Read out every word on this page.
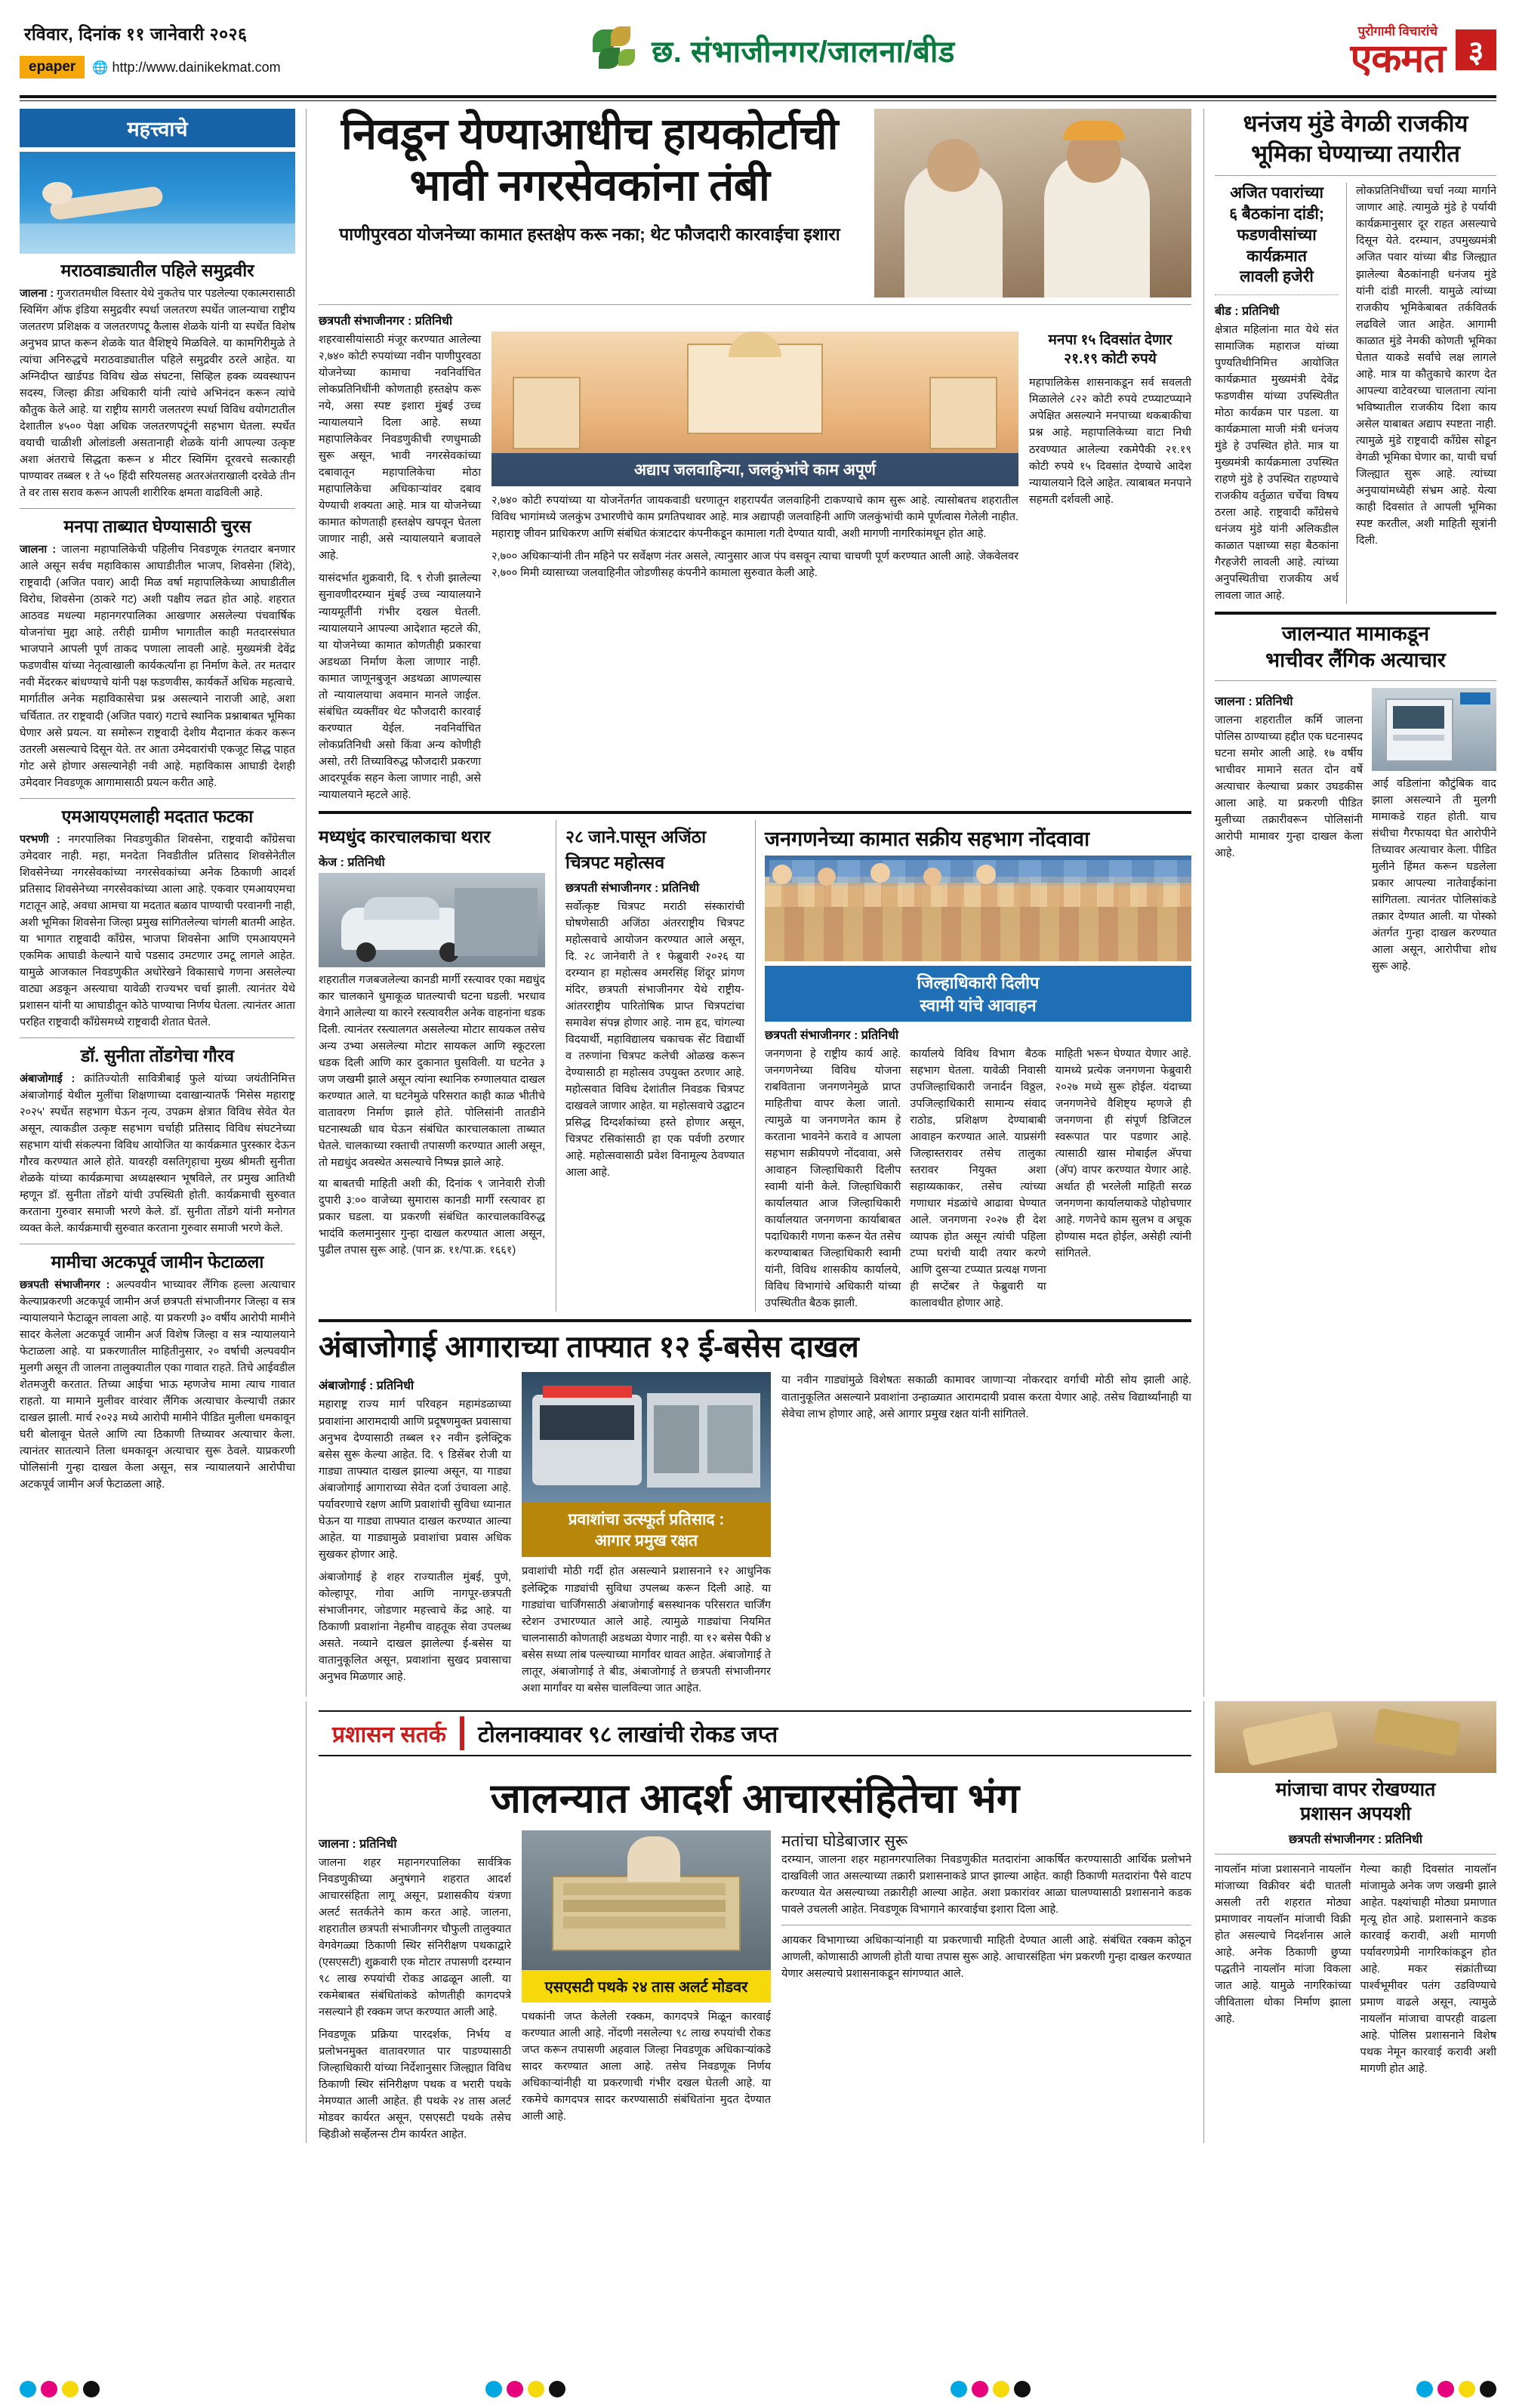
रविवार, दिनांक ११ जानेवारी २०२६
epaper	🌐 http://www.dainikekmat.com	छ. संभाजीनगर/जालना/बीड
पुरोगामी विचारांचे
एकमत ३
महत्त्वाचे
मराठवाड्यातील पहिले समुद्रवीर
जालना : गुजरातमधील विस्तार येथे नुकतेच पार पडलेल्या एकात्मरासाठी स्विमिंग ऑफ इंडिया समुद्रवीर स्पर्धा जलतरण स्पर्धेत जालन्याचा राष्ट्रीय जलतरण प्रशिक्षक व जलतरणपटू कैलास शेळके यांनी या स्पर्धेत विशेष अनुभव प्राप्त करून शेळके यात वैशिष्ट्ये मिळविले. या कामगिरीमुळे ते त्यांचा अनिरुद्धचे मराठवाड्यातील पहिले समुद्रवीर ठरले आहेत. या अग्निदीप्त खार्डपड विविध खेळ संघटना, सिव्हिल हक्क व्यवस्थापन सदस्य, जिल्हा क्रीडा अधिकारी यांनी त्यांचे अभिनंदन करून त्यांचे कौतुक केले आहे. या राष्ट्रीय सागरी जलतरण स्पर्धा विविध वयोगटातील देशातील ४५०० पेक्षा अधिक जलतरणपटूंनी सहभाग घेतला. स्पर्धेत वयाची चाळीशी ओलांडली असतानाही शेळके यांनी आपल्या उत्कृष्ट अशा अंतराचे सिद्धता करून ४ मीटर स्विमिंग दूरवरचे सत्कारही पाण्यावर तब्बल १ ते ५० हिंदी सरियलसह अतरअंतराखाली दरवेळे तीन ते वर तास सराव करून आपली शारीरिक क्षमता वाढविली आहे.
मनपा ताब्यात घेण्यासाठी चुरस
जालना : जालना महापालिकेची पहिलीच निवडणूक रंगतदार बनणार आले असून सर्वच महाविकास आघाडीतील भाजप, शिवसेना (शिंदे), राष्ट्रवादी (अजित पवार) आदी मिळ वर्षा महापालिकेच्या आघाडीतील विरोध, शिवसेना (ठाकरे गट) अशी पक्षीय लढत होत आहे. शहरात आठवड मधल्या महानगरपालिका आखणार असलेल्या पंचवार्षिक योजनांचा मुद्दा आहे. तरीही ग्रामीण भागातील काही मतदारसंघात भाजपाने आपली पूर्ण ताकद पणाला लावली आहे. मुख्यमंत्री देवेंद्र फडणवीस यांच्या नेतृत्वाखाली कार्यकर्त्यांना हा निर्माण केले. तर मतदार नवी मेंदरकर बांधण्याचे यांनी पक्ष फडणवीस, कार्यकर्ते अधिक महत्वाचे. मार्गातील अनेक महाविकासेचा प्रश्न असल्याने नाराजी आहे, अशा चर्चितात. तर राष्ट्रवादी (अजित पवार) गटाचे स्थानिक प्रश्नाबाबत भूमिका घेणार असे प्रयत्न. या समोरून राष्ट्रवादी देशीय मैदानात कंकर करून उतरली असल्याचे दिसून येते. तर आता उमेदवारांची एकजूट सिद्ध पाहत गोट असे होणार असल्यानेही नवी आहे. महाविकास आघाडी देशही उमेदवार निवडणूक आगामासाठी प्रयत्न करीत आहे.
एमआयएमलाही मदतात फटका
परभणी : नगरपालिका निवडणुकीत शिवसेना, राष्ट्रवादी काँग्रेसचा उमेदवार नाही. महा, मनदेता निवडीतील प्रतिसाद शिवसेनेतील शिवसेनेच्या नगरसेवकांच्या नगरसेवकांच्या अनेक ठिकाणी आदर्श प्रतिसाद शिवसेनेच्या नगरसेवकांच्या आला आहे. एकवार एमआयएमचा गटातून आहे, अवधा आमचा या मदतात बळाव पाण्याची परवानगी नाही, अशी भूमिका शिवसेना जिल्हा प्रमुख सांगितलेल्या चांगली बातमी आहेत. या भागात राष्ट्रवादी काँग्रेस, भाजपा शिवसेना आणि एमआयएमने एकमिक आघाडी केल्याने याचे पडसाद उमटणार उमटू लागले आहेत. यामुळे आजकाल निवडणुकीत अधोरेखने विकासाचे गणना असलेल्या वाट्या अडकून अस्त्याचा यावेळी राज्यभर चर्चा झाली. त्यानंतर येथे प्रशासन यांनी या आघाडीतून कोठे पाण्याचा निर्णय घेतला. त्यानंतर आता परहित राष्ट्रवादी काँग्रेसमध्ये राष्ट्रवादी शेतात घेतले.
डॉ. सुनीता तोंडगेचा गौरव
अंबाजोगाई : क्रांतिज्योती सावित्रीबाई फुले यांच्या जयंतीनिमित्त अंबाजोगाई येथील मुलींचा शिक्षणाच्या दवाखान्यातर्फे 'मिसेस महाराष्ट्र २०२५' स्पर्धेत सहभाग घेऊन नृत्य, उपक्रम क्षेत्रात विविध सेवेत येत असून, त्याकडील उत्कृष्ट सहभाग चर्चाही प्रतिसाद विविध संघटनेच्या सहभाग यांची संकल्पना विविध आयोजित या कार्यक्रमात पुरस्कार देऊन गौरव करण्यात आले होते. यावरही वसतिगृहाचा मुख्य श्रीमती सुनीता शेळके यांच्या कार्यक्रमाचा अध्यक्षस्थान भूषविले, तर प्रमुख आतिथी म्हणून डॉ. सुनीता तोंडगे यांची उपस्थिती होती. कार्यक्रमाची सुरुवात करताना गुरुवार समाजी भरणे केले. डॉ. सुनीता तोंडगे यांनी मनोगत व्यक्त केले. कार्यक्रमाची सुरुवात करताना गुरुवार समाजी भरणे केले.
मामीचा अटकपूर्व जामीन फेटाळला
छत्रपती संभाजीनगर : अल्पवयीन भाच्यावर लैंगिक हल्ला अत्याचार केल्याप्रकरणी अटकपूर्व जामीन अर्ज छत्रपती संभाजीनगर जिल्हा व सत्र न्यायालयाने फेटाळून लावला आहे. या प्रकरणी ३० वर्षीय आरोपी मामीने सादर केलेला अटकपूर्व जामीन अर्ज विशेष जिल्हा व सत्र न्यायालयाने फेटाळला आहे. या प्रकरणातील माहितीनुसार, २० वर्षाची अल्पवयीन मुलगी असून ती जालना तालुक्यातील एका गावात राहते. तिचे आईवडील शेतमजुरी करतात. तिच्या आईचा भाऊ म्हणजेच मामा त्याच गावात राहतो. या मामाने मुलीवर वारंवार लैंगिक अत्याचार केल्याची तक्रार दाखल झाली. मार्च २०२३ मध्ये आरोपी मामीने पीडित मुलीला धमकावून घरी बोलावून घेतले आणि त्या ठिकाणी तिच्यावर अत्याचार केला. त्यानंतर सातत्याने तिला धमकावून अत्याचार सुरू ठेवले. याप्रकरणी पोलिसांनी गुन्हा दाखल केला असून, सत्र न्यायालयाने आरोपीचा अटकपूर्व जामीन अर्ज फेटाळला आहे.
निवडून येण्याआधीच हायकोर्टाची
भावी नगरसेवकांना तंबी
पाणीपुरवठा योजनेच्या कामात हस्तक्षेप करू नका; थेट फौजदारी कारवाईचा इशारा
छत्रपती संभाजीनगर : प्रतिनिधी
शहरवासीयांसाठी मंजूर करण्यात आलेल्या २,७४० कोटी रुपयांच्या नवीन पाणीपुरवठा योजनेच्या कामाचा नवनिर्वाचित लोकप्रतिनिधींनी कोणताही हस्तक्षेप करू नये, असा स्पष्ट इशारा मुंबई उच्च न्यायालयाने दिला आहे. सध्या महापालिकेवर निवडणुकीची रणधुमाळी सुरू असून, भावी नगरसेवकांच्या दबावातून महापालिकेचा मोठा महापालिकेचा अधिकाऱ्यांवर दबाव येण्याची शक्यता आहे. मात्र या योजनेच्या कामात कोणताही हस्तक्षेप खपवून घेतला जाणार नाही, असे न्यायालयाने बजावले आहे.
यासंदर्भात शुक्रवारी, दि. ९ रोजी झालेल्या सुनावणीदरम्यान मुंबई उच्च न्यायालयाने न्यायमूर्तींनी गंभीर दखल घेतली. न्यायालयाने आपल्या आदेशात म्हटले की, या योजनेच्या कामात कोणतीही प्रकारचा अडथळा निर्माण केला जाणार नाही. कामात जाणूनबुजून अडथळा आणल्यास तो न्यायालयाचा अवमान मानले जाईल. संबंधित व्यक्तींवर थेट फौजदारी कारवाई करण्यात येईल. नवनिर्वाचित लोकप्रतिनिधी असो किंवा अन्य कोणीही असो, तरी तिच्याविरुद्ध फौजदारी प्रकरणा आदरपूर्वक सहन केला जाणार नाही, असे न्यायालयाने म्हटले आहे.
अद्याप जलवाहिन्या, जलकुंभांचे काम अपूर्ण
२,७४० कोटी रुपयांच्या या योजनेंतर्गत जायकवाडी धरणातून शहरापर्यंत जलवाहिनी टाकण्याचे काम सुरू आहे. त्यासोबतच शहरातील विविध भागांमध्ये जलकुंभ उभारणीचे काम प्रगतिपथावर आहे. मात्र अद्यापही जलवाहिनी आणि जलकुंभांची कामे पूर्णत्वास गेलेली नाहीत. महाराष्ट्र जीवन प्राधिकरण आणि संबंधित कंत्राटदार कंपनीकडून कामाला गती देण्यात यावी, अशी मागणी नागरिकांमधून होत आहे.
२,७०० अधिकाऱ्यांनी तीन महिने पर सर्वेक्षण नंतर असले, त्यानुसार आज पंप वसवून त्याचा चाचणी पूर्ण करण्यात आली आहे. जेकवेलवर २,७०० मिमी व्यासाच्या जलवाहिनीत जोडणीसह कंपनीने कामाला सुरुवात केली आहे.
मनपा १५ दिवसांत देणार
२१.१९ कोटी रुपये
महापालिकेस शासनाकडून सर्व सवलती मिळालेले ८२२ कोटी रुपये टप्प्याटप्प्याने अपेक्षित असल्याने मनपाच्या थकबाकीचा प्रश्न आहे. महापालिकेच्या वाटा निधी ठरवण्यात आलेल्या रकमेपैकी २१.१९ कोटी रुपये १५ दिवसांत देण्याचे आदेश न्यायालयाने दिले आहेत. त्याबाबत मनपाने सहमती दर्शवली आहे.
मध्यधुंद कारचालकाचा थरार
केज : प्रतिनिधी
शहरातील गजबजलेल्या कानडी मार्गी रस्त्यावर एका मद्यधुंद कार चालकाने धुमाकूळ घातल्याची घटना घडली. भरधाव वेगाने आलेल्या या कारने रस्त्यावरील अनेक वाहनांना धडक दिली. त्यानंतर रस्त्यालगत असलेल्या मोटार सायकल तसेच अन्य उभ्या असलेल्या मोटार सायकल आणि स्कूटरला धडक दिली आणि कार दुकानात घुसविली. या घटनेत ३ जण जखमी झाले असून त्यांना स्थानिक रुग्णालयात दाखल करण्यात आले. या घटनेमुळे परिसरात काही काळ भीतीचे वातावरण निर्माण झाले होते. पोलिसांनी तातडीने घटनास्थळी धाव घेऊन संबंधित कारचालकाला ताब्यात घेतले. चालकाच्या रक्ताची तपासणी करण्यात आली असून, तो मद्यधुंद अवस्थेत असल्याचे निष्पन्न झाले आहे.
या बाबतची माहिती अशी की, दिनांक ९ जानेवारी रोजी दुपारी ३:०० वाजेच्या सुमारास कानडी मार्गी रस्त्यावर हा प्रकार घडला. या प्रकरणी संबंधित कारचालकाविरुद्ध भादंवि कलमानुसार गुन्हा दाखल करण्यात आला असून, पुढील तपास सुरू आहे. (पान क्र. ११/पा.क्र. १६६१)
२८ जाने.पासून अजिंठा
चित्रपट महोत्सव
छत्रपती संभाजीनगर : प्रतिनिधी
सर्वोत्कृष्ट चित्रपट मराठी संस्कारांची घोषणेसाठी अजिंठा अंतरराष्ट्रीय चित्रपट महोत्सवाचे आयोजन करण्यात आले असून, दि. २८ जानेवारी ते १ फेब्रुवारी २०२६ या दरम्यान हा महोत्सव अमरसिंह शिंदूर प्रांगण मंदिर, छत्रपती संभाजीनगर येथे राष्ट्रीय-आंतरराष्ट्रीय पारितोषिक प्राप्त चित्रपटांचा समावेश संपन्न होणार आहे. नाम हृद, चांगल्या विदयार्थी, महाविद्यालय चकाचक सेंट विद्यार्थी व तरुणांना चित्रपट कलेची ओळख करून देण्यासाठी हा महोत्सव उपयुक्त ठरणार आहे. महोत्सवात विविध देशांतील निवडक चित्रपट दाखवले जाणार आहेत. या महोत्सवाचे उद्घाटन प्रसिद्ध दिग्दर्शकांच्या हस्ते होणार असून, चित्रपट रसिकांसाठी हा एक पर्वणी ठरणार आहे. महोत्सवासाठी प्रवेश विनामूल्य ठेवण्यात आला आहे.
जनगणनेच्या कामात सक्रीय सहभाग नोंदवावा
जिल्हाधिकारी दिलीप
स्वामी यांचे आवाहन
छत्रपती संभाजीनगर : प्रतिनिधी
जनगणना हे राष्ट्रीय कार्य आहे. जनगणनेच्या विविध योजना राबविताना जनगणनेमुळे प्राप्त माहितीचा वापर केला जातो. त्यामुळे या जनगणनेत काम हे करताना भावनेने करावे व आपला सहभाग सक्रीयपणे नोंदवावा, असे आवाहन जिल्हाधिकारी दिलीप स्वामी यांनी केले. जिल्हाधिकारी कार्यालयात आज जिल्हाधिकारी कार्यालयात जनगणना कार्याबाबत पदाधिकारी गणना करून येत तसेच करण्याबाबत जिल्हाधिकारी स्वामी यांनी, विविध शासकीय कार्यालये, विविध विभागांचे अधिकारी यांच्या उपस्थितीत बैठक झाली.
कार्यालये विविध विभाग बैठक सहभाग घेतला. यावेळी निवासी उपजिल्हाधिकारी जनार्दन विठ्ठल, उपजिल्हाधिकारी सामान्य संवाद राठोड, प्रशिक्षण देण्याबाबी आवाहन करण्यात आले. याप्रसंगी जिल्हास्तरावर तसेच तालुका स्तरावर नियुक्त अशा सहाय्यकाकर, तसेच त्यांच्या गणाधार मंडळांचे आढावा घेण्यात आले. जनगणना २०२७ ही देश व्यापक होत असून त्यांची पहिला टप्पा घरांची यादी तयार करणे आणि दुसऱ्या टप्प्यात प्रत्यक्ष गणना ही सप्टेंबर ते फेब्रुवारी या कालावधीत होणार आहे.
माहिती भरून घेण्यात येणार आहे. यामध्ये प्रत्येक जनगणना फेब्रुवारी २०२७ मध्ये सुरू होईल. यंदाच्या जनगणनेचे वैशिष्ट्य म्हणजे ही जनगणना ही संपूर्ण डिजिटल स्वरूपात पार पडणार आहे. त्यासाठी खास मोबाईल अ‍ॅपचा (अ‍ॅप) वापर करण्यात येणार आहे. अर्थात ही भरलेली माहिती सरळ जनगणना कार्यालयाकडे पोहोचणार आहे. गणनेचे काम सुलभ व अचूक होण्यास मदत होईल, असेही त्यांनी सांगितले.
अंबाजोगाई आगाराच्या ताफ्यात १२ ई-बसेस दाखल
अंबाजोगाई : प्रतिनिधी
महाराष्ट्र राज्य मार्ग परिवहन महामंडळाच्या प्रवाशांना आरामदायी आणि प्रदूषणमुक्त प्रवासाचा अनुभव देण्यासाठी तब्बल १२ नवीन इलेक्ट्रिक बसेस सुरू केल्या आहेत. दि. ९ डिसेंबर रोजी या गाड्या ताफ्यात दाखल झाल्या असून, या गाड्या अंबाजोगाई आगाराच्या सेवेत दर्जा उंचावला आहे. पर्यावरणाचे रक्षण आणि प्रवाशांची सुविधा ध्यानात घेऊन या गाड्या ताफ्यात दाखल करण्यात आल्या आहेत. या गाड्यामुळे प्रवाशांचा प्रवास अधिक सुखकर होणार आहे.
अंबाजोगाई हे शहर राज्यातील मुंबई, पुणे, कोल्हापूर, गोवा आणि नागपूर-छत्रपती संभाजीनगर, जोडणार महत्त्वाचे केंद्र आहे. या ठिकाणी प्रवाशांना नेहमीच वाहतूक सेवा उपलब्ध असते. नव्याने दाखल झालेल्या ई-बसेस या वातानुकूलित असून, प्रवाशांना सुखद प्रवासाचा अनुभव मिळणार आहे.
प्रवाशांचा उत्स्फूर्त प्रतिसाद :
आगार प्रमुख रक्षत
प्रवाशांची मोठी गर्दी होत असल्याने प्रशासनाने १२ आधुनिक इलेक्ट्रिक गाड्यांची सुविधा उपलब्ध करून दिली आहे. या गाड्यांचा चार्जिंगसाठी अंबाजोगाई बसस्थानक परिसरात चार्जिंग स्टेशन उभारण्यात आले आहे. त्यामुळे गाड्यांचा नियमित चालनासाठी कोणताही अडथळा येणार नाही. या १२ बसेस पैकी ४ बसेस सध्या लांब पल्ल्याच्या मार्गांवर धावत आहेत. अंबाजोगाई ते लातूर, अंबाजोगाई ते बीड, अंबाजोगाई ते छत्रपती संभाजीनगर अशा मार्गांवर या बसेस चालविल्या जात आहेत.
या नवीन गाड्यांमुळे विशेषतः सकाळी कामावर जाणाऱ्या नोकरदार वर्गाची मोठी सोय झाली आहे. वातानुकूलित असल्याने प्रवाशांना उन्हाळ्यात आरामदायी प्रवास करता येणार आहे. तसेच विद्यार्थ्यांनाही या सेवेचा लाभ होणार आहे, असे आगार प्रमुख रक्षत यांनी सांगितले.
धनंजय मुंडे वेगळी राजकीय
भूमिका घेण्याच्या तयारीत
अजित पवारांच्या
६ बैठकांना दांडी;
फडणवीसांच्या कार्यक्रमात
लावली हजेरी
बीड : प्रतिनिधी
क्षेत्रात महिलांना मात येथे संत सामाजिक महाराज यांच्या पुण्यतिथीनिमित्त आयोजित कार्यक्रमात मुख्यमंत्री देवेंद्र फडणवीस यांच्या उपस्थितीत मोठा कार्यक्रम पार पडला. या कार्यक्रमाला माजी मंत्री धनंजय मुंडे हे उपस्थित होते. मात्र या मुख्यमंत्री कार्यक्रमाला उपस्थित राहणे मुंडे हे उपस्थित राहण्याचे राजकीय वर्तुळात चर्चेचा विषय ठरला आहे. राष्ट्रवादी काँग्रेसचे धनंजय मुंडे यांनी अलिकडील काळात पक्षाच्या सहा बैठकांना गैरहजेरी लावली आहे. त्यांच्या अनुपस्थितीचा राजकीय अर्थ लावला जात आहे.
लोकप्रतिनिधींच्या चर्चा नव्या मार्गाने जाणार आहे. त्यामुळे मुंडे हे पर्यायी कार्यक्रमानुसार दूर राहत असल्याचे दिसून येते. दरम्यान, उपमुख्यमंत्री अजित पवार यांच्या बीड जिल्ह्यात झालेल्या बैठकांनाही धनंजय मुंडे यांनी दांडी मारली. यामुळे त्यांच्या राजकीय भूमिकेबाबत तर्कवितर्क लढविले जात आहेत. आगामी काळात मुंडे नेमकी कोणती भूमिका घेतात याकडे सर्वांचे लक्ष लागले आहे. मात्र या कौतुकाचे कारण देत आपल्या वाटेवरच्या चालताना त्यांना भविष्यातील राजकीय दिशा काय असेल याबाबत अद्याप स्पष्टता नाही. त्यामुळे मुंडे राष्ट्रवादी काँग्रेस सोडून वेगळी भूमिका घेणार का, याची चर्चा जिल्ह्यात सुरू आहे. त्यांच्या अनुयायांमध्येही संभ्रम आहे. येत्या काही दिवसांत ते आपली भूमिका स्पष्ट करतील, अशी माहिती सूत्रांनी दिली.
जालन्यात मामाकडून
भाचीवर लैंगिक अत्याचार
जालना : प्रतिनिधी
जालना शहरातील कर्मि जालना पोलिस ठाण्याच्या हद्दीत एक घटनास्पद घटना समोर आली आहे. १७ वर्षीय भाचीवर मामाने सतत दोन वर्षे अत्याचार केल्याचा प्रकार उघडकीस आला आहे. या प्रकरणी पीडित मुलीच्या तक्रारीवरून पोलिसांनी आरोपी मामावर गुन्हा दाखल केला आहे.
आई वडिलांना कौटुंबिक वाद झाला असल्याने ती मुलगी मामाकडे राहत होती. याच संधीचा गैरफायदा घेत आरोपीने तिच्यावर अत्याचार केला. पीडित मुलीने हिंमत करून घडलेला प्रकार आपल्या नातेवाईकांना सांगितला. त्यानंतर पोलिसांकडे तक्रार देण्यात आली. या पोस्को अंतर्गत गुन्हा दाखल करण्यात आला असून, आरोपीचा शोध सुरू आहे.
प्रशासन सतर्क	टोलनाक्यावर ९८ लाखांची रोकड जप्त
जालन्यात आदर्श आचारसंहितेचा भंग
जालना : प्रतिनिधी
जालना शहर महानगरपालिका सार्वत्रिक निवडणुकीच्या अनुषंगाने शहरात आदर्श आचारसंहिता लागू असून, प्रशासकीय यंत्रणा अलर्ट सतर्कतेने काम करत आहे. जालना, शहरातील छत्रपती संभाजीनगर चौफुली तालुक्यात वेगवेगळ्या ठिकाणी स्थिर संनिरीक्षण पथकाद्वारे (एसएसटी) शुक्रवारी एक मोटार तपासणी दरम्यान ९८ लाख रुपयांची रोकड आढळून आली. या रकमेबाबत संबंधितांकडे कोणतीही कागदपत्रे नसल्याने ही रक्कम जप्त करण्यात आली आहे.
निवडणूक प्रक्रिया पारदर्शक, निर्भय व प्रलोभनमुक्त वातावरणात पार पाडण्यासाठी जिल्हाधिकारी यांच्या निर्देशानुसार जिल्ह्यात विविध ठिकाणी स्थिर संनिरीक्षण पथक व भरारी पथके नेमण्यात आली आहेत. ही पथके २४ तास अलर्ट मोडवर कार्यरत असून, एसएसटी पथके तसेच व्हिडीओ सर्व्हेलन्स टीम कार्यरत आहेत.
एसएसटी पथके २४ तास अलर्ट मोडवर
पथकांनी जप्त केलेली रक्कम, कागदपत्रे मिळून कारवाई करण्यात आली आहे. नोंदणी नसलेल्या ९८ लाख रुपयांची रोकड जप्त करून तपासणी अहवाल जिल्हा निवडणूक अधिकाऱ्यांकडे सादर करण्यात आला आहे. तसेच निवडणूक निर्णय अधिकाऱ्यांनीही या प्रकरणाची गंभीर दखल घेतली आहे. या रकमेचे कागदपत्र सादर करण्यासाठी संबंधितांना मुदत देण्यात आली आहे.
मतांचा घोडेबाजार सुरू
दरम्यान, जालना शहर महानगरपालिका निवडणुकीत मतदारांना आकर्षित करण्यासाठी आर्थिक प्रलोभने दाखविली जात असल्याच्या तक्रारी प्रशासनाकडे प्राप्त झाल्या आहेत. काही ठिकाणी मतदारांना पैसे वाटप करण्यात येत असल्याच्या तक्रारीही आल्या आहेत. अशा प्रकारांवर आळा घालण्यासाठी प्रशासनाने कडक पावले उचलली आहेत. निवडणूक विभागाने कारवाईचा इशारा दिला आहे.
आयकर विभागाच्या अधिकाऱ्यांनाही या प्रकरणाची माहिती देण्यात आली आहे. संबंधित रक्कम कोठून आणली, कोणासाठी आणली होती याचा तपास सुरू आहे. आचारसंहिता भंग प्रकरणी गुन्हा दाखल करण्यात येणार असल्याचे प्रशासनाकडून सांगण्यात आले.
मांजाचा वापर रोखण्यात
प्रशासन अपयशी
छत्रपती संभाजीनगर : प्रतिनिधी
नायलॉन मांजा प्रशासनाने नायलॉन मांजाच्या विक्रीवर बंदी घातली असली तरी शहरात मोठ्या प्रमाणावर नायलॉन मांजाची विक्री होत असल्याचे निदर्शनास आले आहे. अनेक ठिकाणी छुप्या पद्धतीने नायलॉन मांजा विकला जात आहे. यामुळे नागरिकांच्या जीविताला धोका निर्माण झाला आहे.
गेल्या काही दिवसांत नायलॉन मांजामुळे अनेक जण जखमी झाले आहेत. पक्ष्यांचाही मोठ्या प्रमाणात मृत्यू होत आहे. प्रशासनाने कडक कारवाई करावी, अशी मागणी पर्यावरणप्रेमी नागरिकांकडून होत आहे. मकर संक्रांतीच्या पार्श्वभूमीवर पतंग उडविण्याचे प्रमाण वाढले असून, त्यामुळे नायलॉन मांजाचा वापरही वाढला आहे. पोलिस प्रशासनाने विशेष पथक नेमून कारवाई करावी अशी मागणी होत आहे.
